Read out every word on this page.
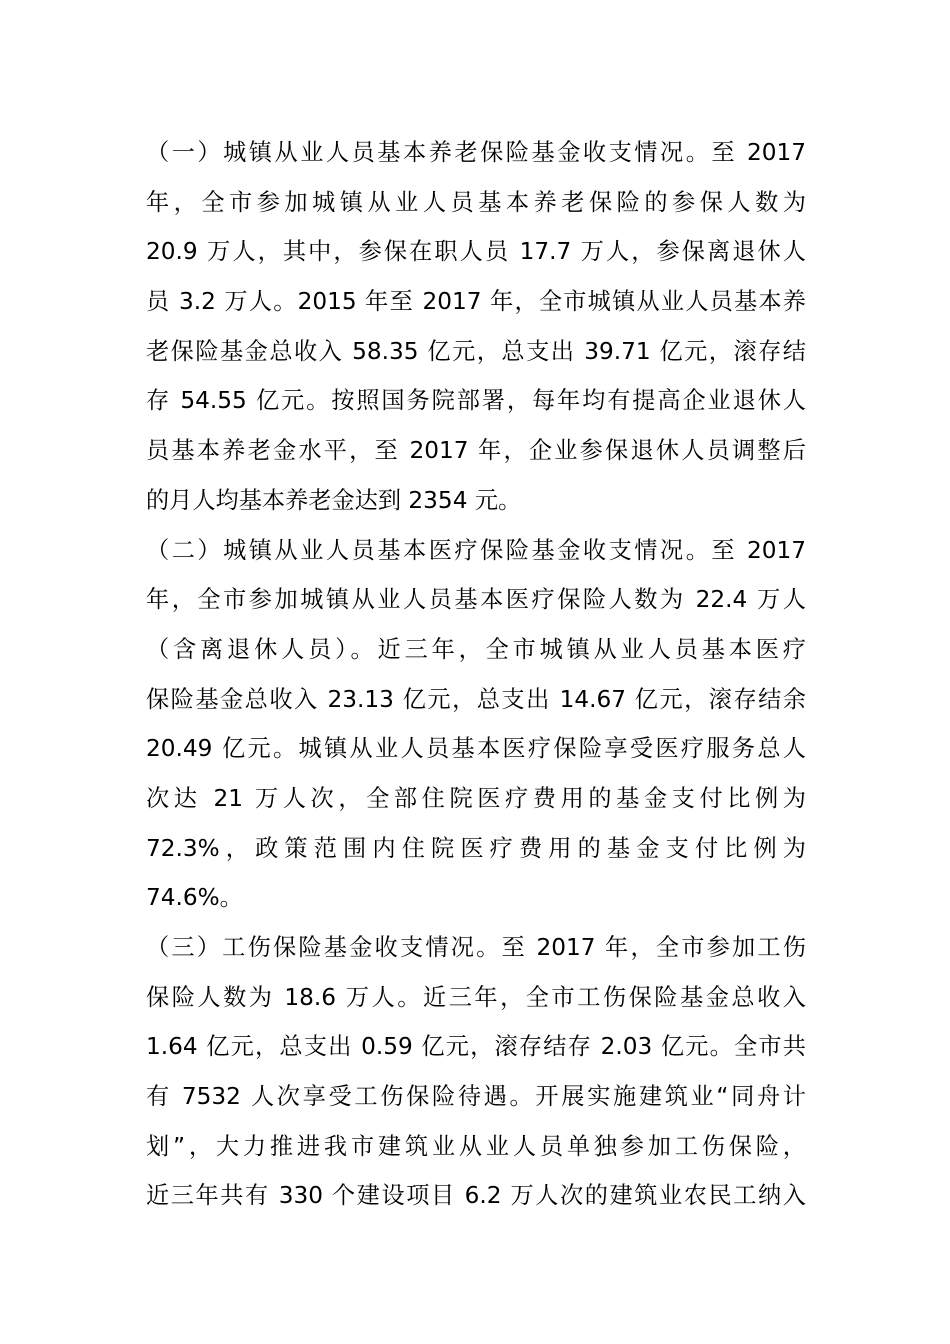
（一）城镇从业人员基本养老保险基金收支情况。至 2017
年，全市参加城镇从业人员基本养老保险的参保人数为
20.9 万人，其中，参保在职人员 17.7 万人，参保离退休人
员 3.2 万人。2015 年至 2017 年，全市城镇从业人员基本养
老保险基金总收入 58.35 亿元，总支出 39.71 亿元，滚存结
存 54.55 亿元。按照国务院部署，每年均有提高企业退休人
员基本养老金水平，至 2017 年，企业参保退休人员调整后
的月人均基本养老金达到 2354 元。
（二）城镇从业人员基本医疗保险基金收支情况。至 2017
年，全市参加城镇从业人员基本医疗保险人数为 22.4 万人
（含离退休人员）。近三年，全市城镇从业人员基本医疗
保险基金总收入 23.13 亿元，总支出 14.67 亿元，滚存结余
20.49 亿元。城镇从业人员基本医疗保险享受医疗服务总人
次达 21 万人次，全部住院医疗费用的基金支付比例为
72.3%，政策范围内住院医疗费用的基金支付比例为
74.6%。
（三）工伤保险基金收支情况。至 2017 年，全市参加工伤
保险人数为 18.6 万人。近三年，全市工伤保险基金总收入
1.64 亿元，总支出 0.59 亿元，滚存结存 2.03 亿元。全市共
有 7532 人次享受工伤保险待遇。开展实施建筑业“同舟计
划”，大力推进我市建筑业从业人员单独参加工伤保险，
近三年共有 330 个建设项目 6.2 万人次的建筑业农民工纳入
